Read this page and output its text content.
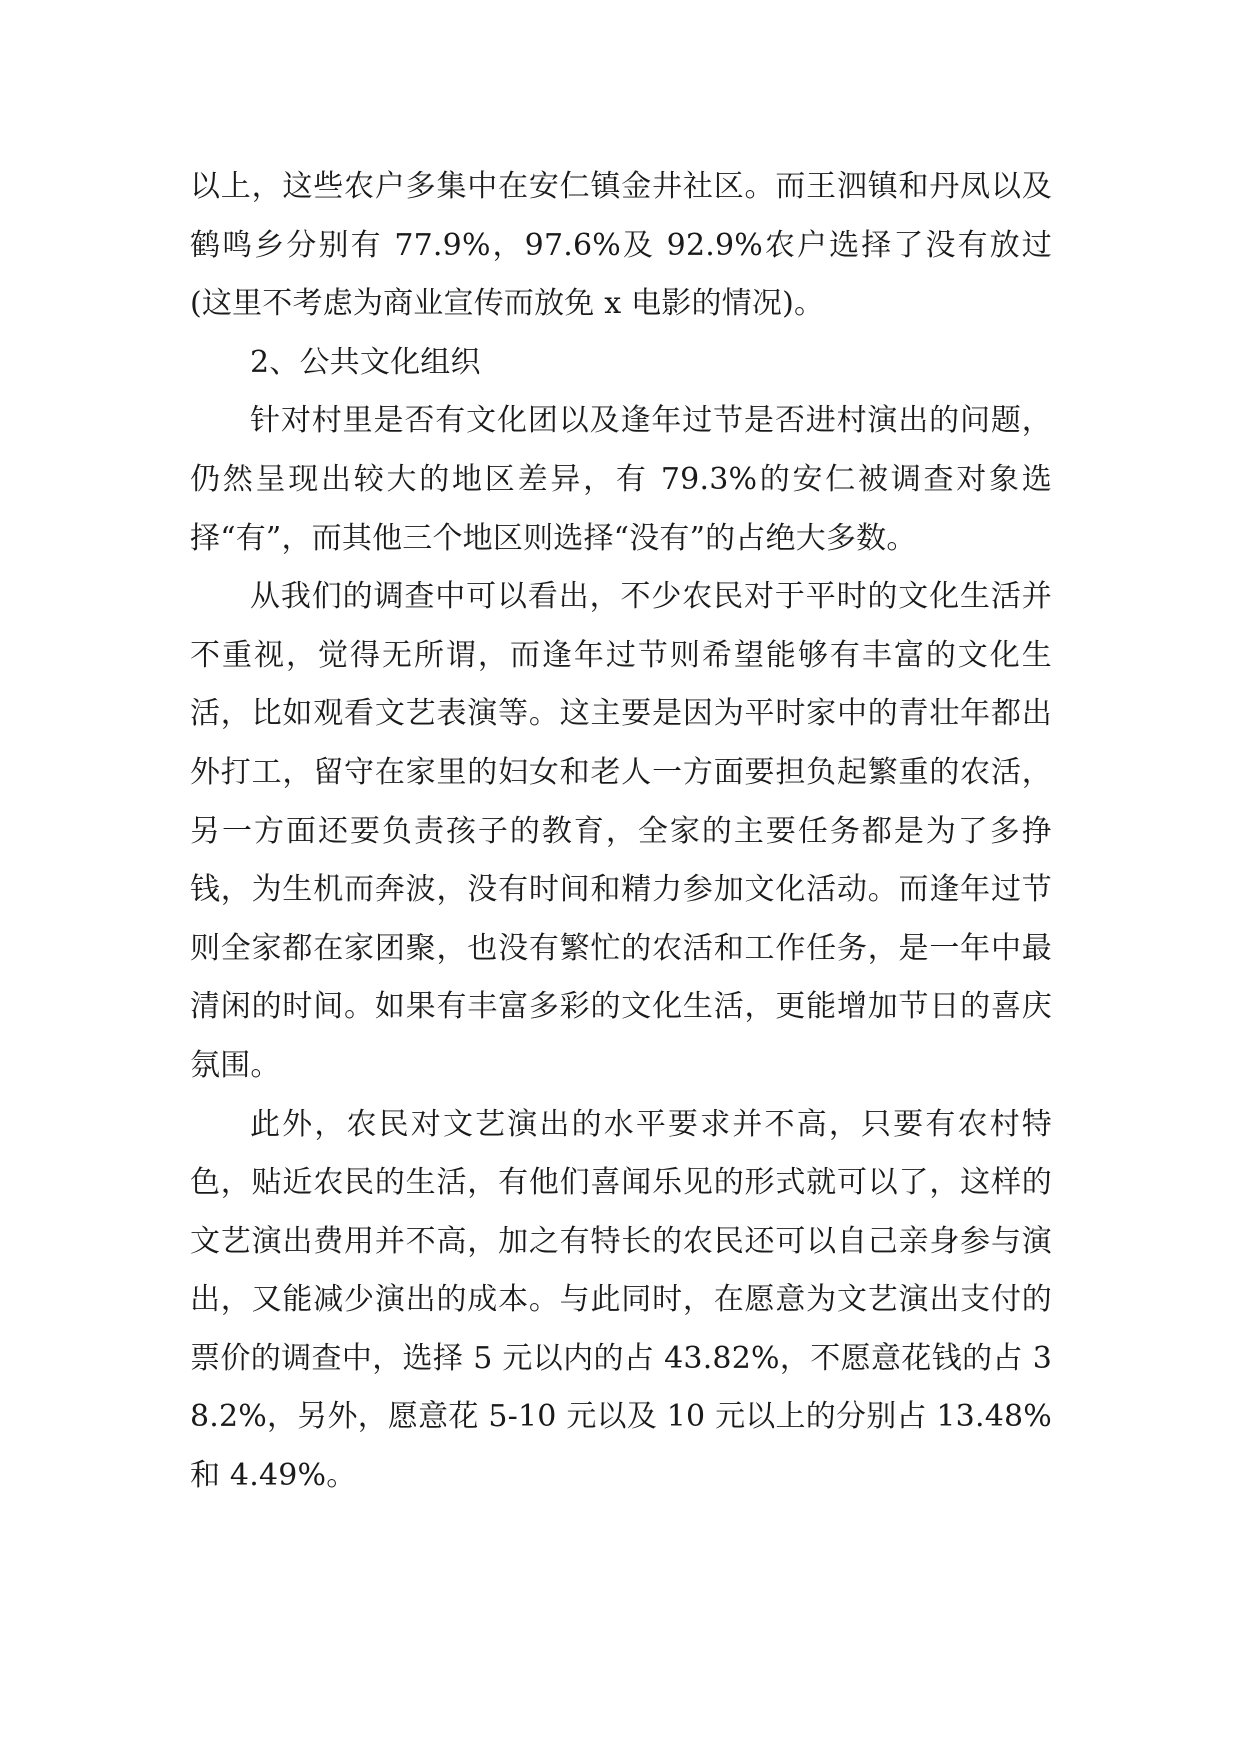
以上，这些农户多集中在安仁镇金井社区。而王泗镇和丹凤以及鹤鸣乡分别有 77.9%，97.6%及 92.9%农户选择了没有放过(这里不考虑为商业宣传而放免 x 电影的情况)。

2、公共文化组织

针对村里是否有文化团以及逢年过节是否进村演出的问题，仍然呈现出较大的地区差异，有 79.3%的安仁被调查对象选择“有”，而其他三个地区则选择“没有”的占绝大多数。

从我们的调查中可以看出，不少农民对于平时的文化生活并不重视，觉得无所谓，而逢年过节则希望能够有丰富的文化生活，比如观看文艺表演等。这主要是因为平时家中的青壮年都出外打工，留守在家里的妇女和老人一方面要担负起繁重的农活，另一方面还要负责孩子的教育，全家的主要任务都是为了多挣钱，为生机而奔波，没有时间和精力参加文化活动。而逢年过节则全家都在家团聚，也没有繁忙的农活和工作任务，是一年中最清闲的时间。如果有丰富多彩的文化生活，更能增加节日的喜庆氛围。

此外，农民对文艺演出的水平要求并不高，只要有农村特色，贴近农民的生活，有他们喜闻乐见的形式就可以了，这样的文艺演出费用并不高，加之有特长的农民还可以自己亲身参与演出，又能减少演出的成本。与此同时，在愿意为文艺演出支付的票价的调查中，选择 5 元以内的占 43.82%，不愿意花钱的占 38.2%，另外，愿意花 5-10 元以及 10 元以上的分别占 13.48%和 4.49%。
